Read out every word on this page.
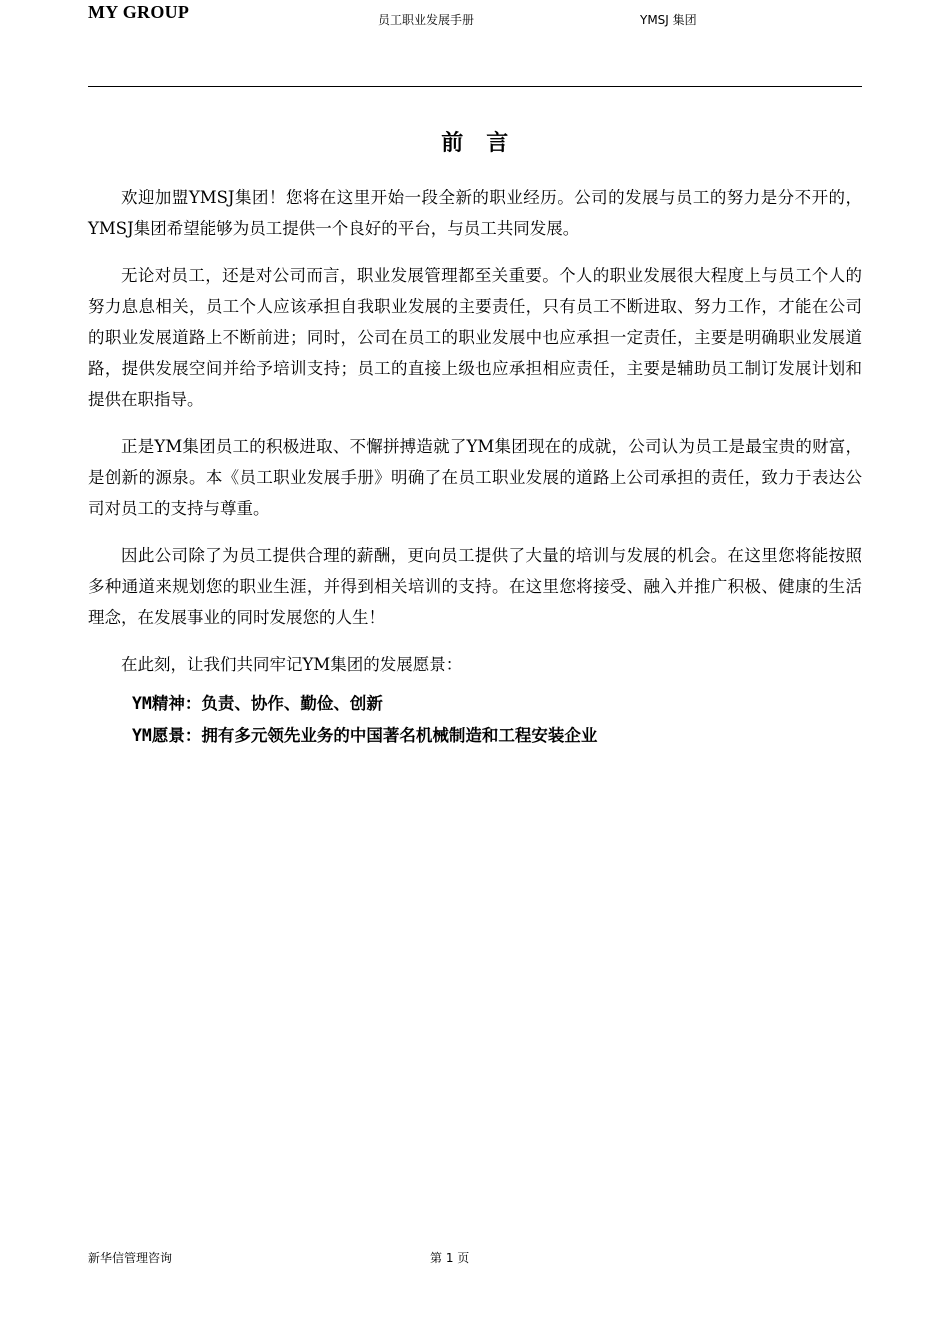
MY GROUP	员工职业发展手册	YMSJ 集团
前　言

欢迎加盟YMSJ集团！您将在这里开始一段全新的职业经历。公司的发展与员工的努力是分不开的，YMSJ集团希望能够为员工提供一个良好的平台，与员工共同发展。

无论对员工，还是对公司而言，职业发展管理都至关重要。个人的职业发展很大程度上与员工个人的努力息息相关，员工个人应该承担自我职业发展的主要责任，只有员工不断进取、努力工作，才能在公司的职业发展道路上不断前进；同时，公司在员工的职业发展中也应承担一定责任，主要是明确职业发展道路，提供发展空间并给予培训支持；员工的直接上级也应承担相应责任，主要是辅助员工制订发展计划和提供在职指导。

正是YM集团员工的积极进取、不懈拼搏造就了YM集团现在的成就，公司认为员工是最宝贵的财富，是创新的源泉。本《员工职业发展手册》明确了在员工职业发展的道路上公司承担的责任，致力于表达公司对员工的支持与尊重。

因此公司除了为员工提供合理的薪酬，更向员工提供了大量的培训与发展的机会。在这里您将能按照多种通道来规划您的职业生涯，并得到相关培训的支持。在这里您将接受、融入并推广积极、健康的生活理念，在发展事业的同时发展您的人生！

在此刻，让我们共同牢记YM集团的发展愿景：

YM精神：负责、协作、勤俭、创新

YM愿景：拥有多元领先业务的中国著名机械制造和工程安装企业

新华信管理咨询	第 1 页
